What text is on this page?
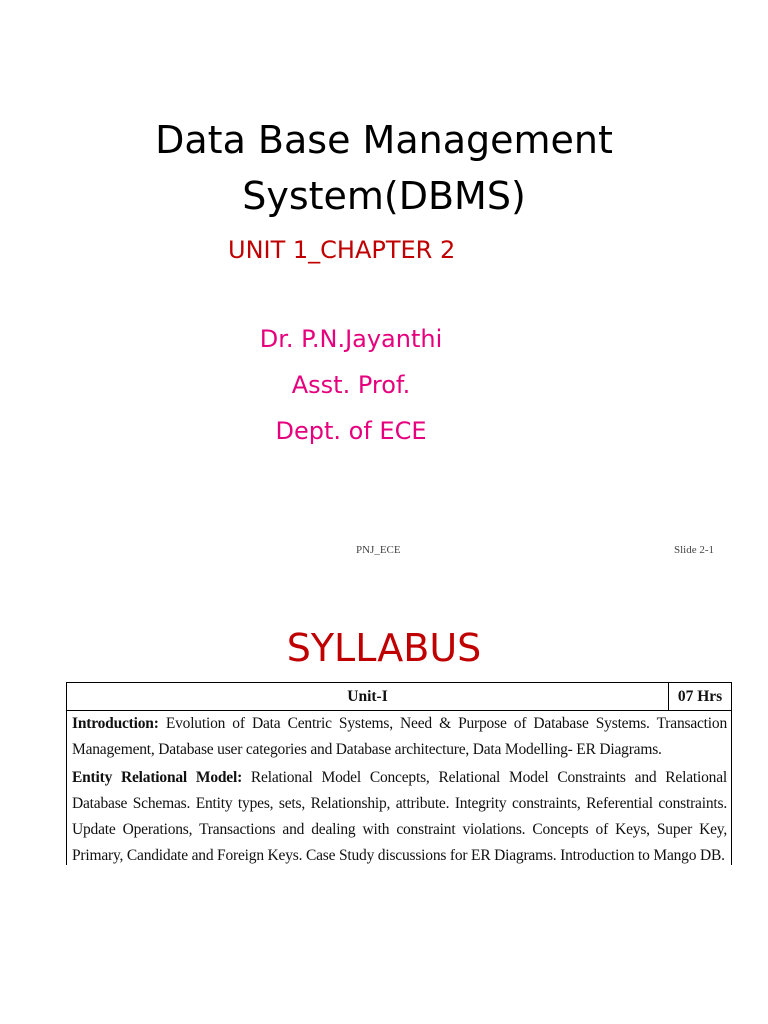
Data Base Management
System(DBMS)
UNIT 1_CHAPTER 2
Dr. P.N.Jayanthi
Asst. Prof.
Dept. of ECE
PNJ_ECE	Slide 2-1
SYLLABUS
Unit-I	07 Hrs

Introduction: Evolution of Data Centric Systems, Need & Purpose of Database Systems. Transaction Management, Database user categories and Database architecture, Data Modelling- ER Diagrams.

Entity Relational Model: Relational Model Concepts, Relational Model Constraints and Relational Database Schemas. Entity types, sets, Relationship, attribute. Integrity constraints, Referential constraints. Update Operations, Transactions and dealing with constraint violations. Concepts of Keys, Super Key, Primary, Candidate and Foreign Keys. Case Study discussions for ER Diagrams. Introduction to Mango DB.
